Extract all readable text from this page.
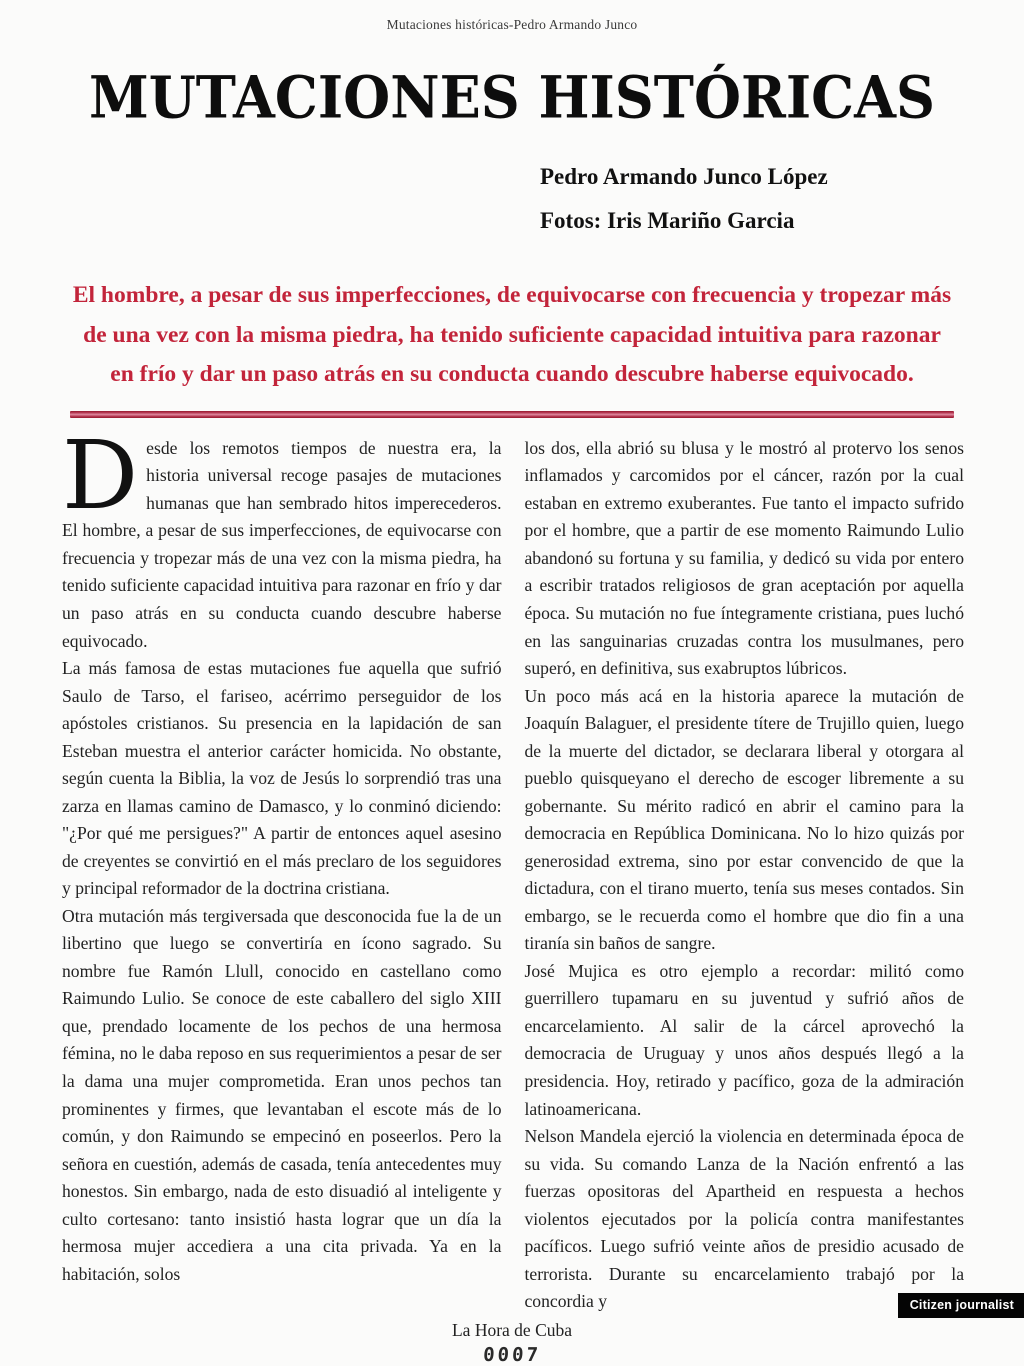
Mutaciones históricas-Pedro Armando Junco
MUTACIONES HISTÓRICAS
Pedro Armando Junco López
Fotos: Iris Mariño Garcia
El hombre, a pesar de sus imperfecciones, de equivocarse con frecuencia y tropezar más de una vez con la misma piedra, ha tenido suficiente capacidad intuitiva para razonar en frío y dar un paso atrás en su conducta cuando descubre haberse equivocado.

Desde los remotos tiempos de nuestra era, la historia universal recoge pasajes de mutaciones humanas que han sembrado hitos imperecederos. El hombre, a pesar de sus imperfecciones, de equivocarse con frecuencia y tropezar más de una vez con la misma piedra, ha tenido suficiente capacidad intuitiva para razonar en frío y dar un paso atrás en su conducta cuando descubre haberse equivocado.

La más famosa de estas mutaciones fue aquella que sufrió Saulo de Tarso, el fariseo, acérrimo perseguidor de los apóstoles cristianos. Su presencia en la lapidación de san Esteban muestra el anterior carácter homicida. No obstante, según cuenta la Biblia, la voz de Jesús lo sorprendió tras una zarza en llamas camino de Damasco, y lo conminó diciendo: "¿Por qué me persigues?" A partir de entonces aquel asesino de creyentes se convirtió en el más preclaro de los seguidores y principal reformador de la doctrina cristiana.

Otra mutación más tergiversada que desconocida fue la de un libertino que luego se convertiría en ícono sagrado. Su nombre fue Ramón Llull, conocido en castellano como Raimundo Lulio. Se conoce de este caballero del siglo XIII que, prendado locamente de los pechos de una hermosa fémina, no le daba reposo en sus requerimientos a pesar de ser la dama una mujer comprometida. Eran unos pechos tan prominentes y firmes, que levantaban el escote más de lo común, y don Raimundo se empecinó en poseerlos. Pero la señora en cuestión, además de casada, tenía antecedentes muy honestos. Sin embargo, nada de esto disuadió al inteligente y culto cortesano: tanto insistió hasta lograr que un día la hermosa mujer accediera a una cita privada. Ya en la habitación, solos

los dos, ella abrió su blusa y le mostró al protervo los senos inflamados y carcomidos por el cáncer, razón por la cual estaban en extremo exuberantes. Fue tanto el impacto sufrido por el hombre, que a partir de ese momento Raimundo Lulio abandonó su fortuna y su familia, y dedicó su vida por entero a escribir tratados religiosos de gran aceptación por aquella época. Su mutación no fue íntegramente cristiana, pues luchó en las sanguinarias cruzadas contra los musulmanes, pero superó, en definitiva, sus exabruptos lúbricos.

Un poco más acá en la historia aparece la mutación de Joaquín Balaguer, el presidente títere de Trujillo quien, luego de la muerte del dictador, se declarara liberal y otorgara al pueblo quisqueyano el derecho de escoger libremente a su gobernante. Su mérito radicó en abrir el camino para la democracia en República Dominicana. No lo hizo quizás por generosidad extrema, sino por estar convencido de que la dictadura, con el tirano muerto, tenía sus meses contados. Sin embargo, se le recuerda como el hombre que dio fin a una tiranía sin baños de sangre.

José Mujica es otro ejemplo a recordar: militó como guerrillero tupamaru en su juventud y sufrió años de encarcelamiento. Al salir de la cárcel aprovechó la democracia de Uruguay y unos años después llegó a la presidencia. Hoy, retirado y pacífico, goza de la admiración latinoamericana.

Nelson Mandela ejerció la violencia en determinada época de su vida. Su comando Lanza de la Nación enfrentó a las fuerzas opositoras del Apartheid en respuesta a hechos violentos ejecutados por la policía contra manifestantes pacíficos. Luego sufrió veinte años de presidio acusado de terrorista. Durante su encarcelamiento trabajó por la concordia y

La Hora de Cuba
0007
Citizen journalist
